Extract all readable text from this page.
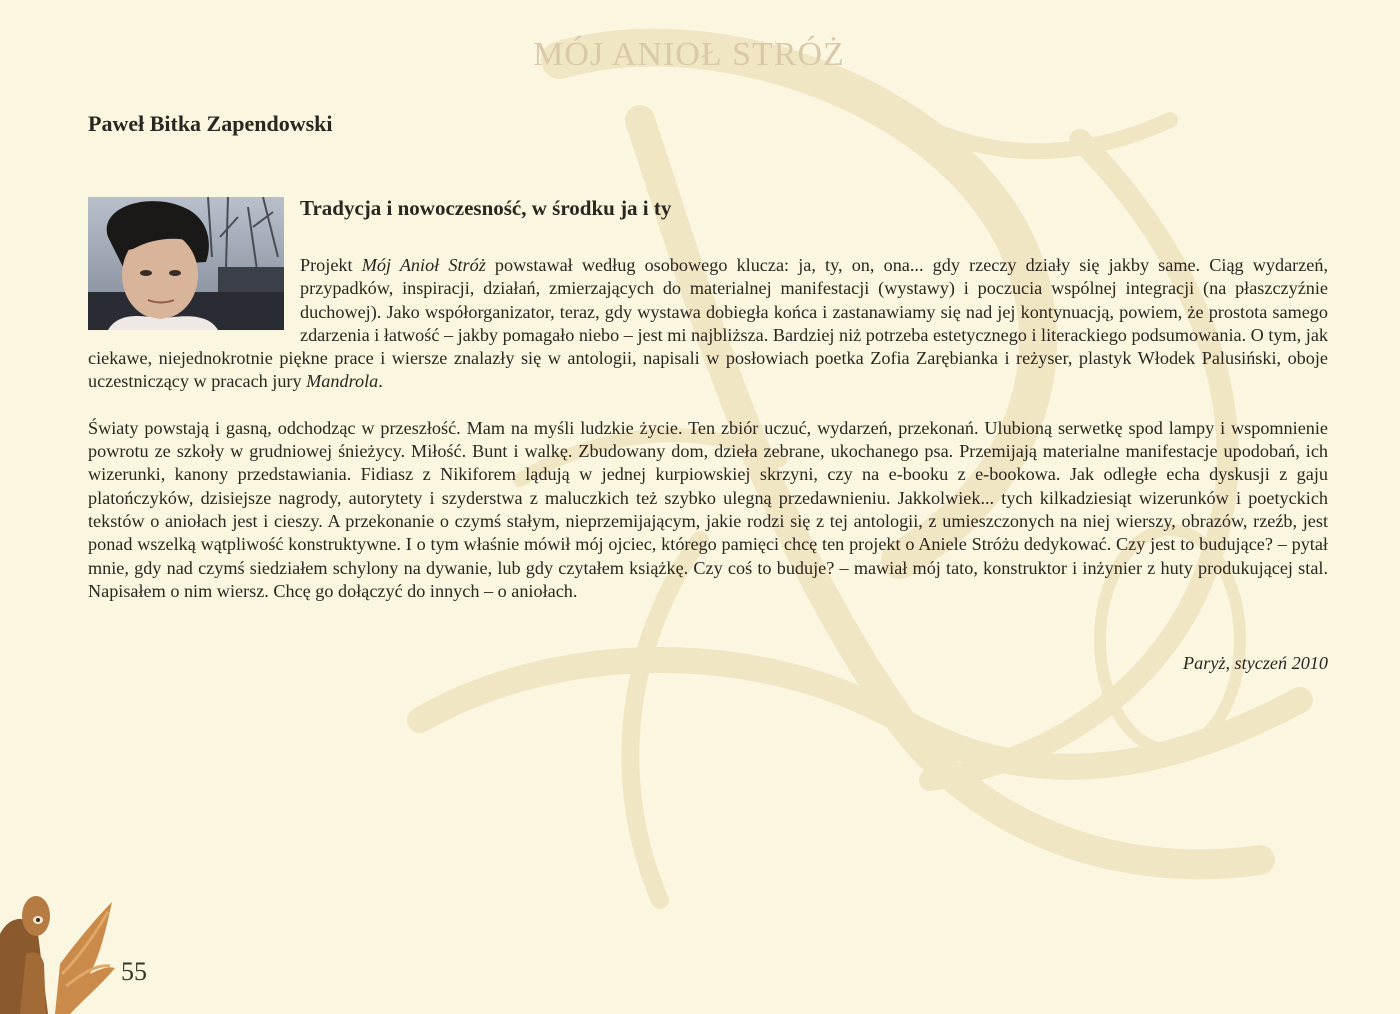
MÓJ ANIOŁ STRÓŻ
Paweł Bitka Zapendowski
Tradycja i nowoczesność, w środku ja i ty

Projekt Mój Anioł Stróż powstawał według osobowego klucza: ja, ty, on, ona... gdy rzeczy działy się jakby same. Ciąg wydarzeń, przypadków, inspiracji, działań, zmierzających do materialnej manifestacji (wystawy) i poczucia wspólnej integracji (na płaszczyźnie duchowej). Jako współorganizator, teraz, gdy wystawa dobiegła końca i zastanawiamy się nad jej kontynuacją, powiem, że prostota samego zdarzenia i łatwość – jakby pomagało niebo – jest mi najbliższa. Bardziej niż potrzeba estetycznego i literackiego podsumowania. O tym, jak ciekawe, niejednokrotnie piękne prace i wiersze znalazły się w antologii, napisali w posłowiach poetka Zofia Zarębianka i reżyser, plastyk Włodek Palusiński, oboje uczestniczący w pracach jury Mandrola.

Światy powstają i gasną, odchodząc w przeszłość. Mam na myśli ludzkie życie. Ten zbiór uczuć, wydarzeń, przekonań. Ulubioną serwetkę spod lampy i wspomnienie powrotu ze szkoły w grudniowej śnieżycy. Miłość. Bunt i walkę. Zbudowany dom, dzieła zebrane, ukochanego psa. Przemijają materialne manifestacje upodobań, ich wizerunki, kanony przedstawiania. Fidiasz z Nikiforem lądują w jednej kurpiowskiej skrzyni, czy na e-booku z e-bookowa. Jak odległe echa dyskusji z gaju platończyków, dzisiejsze nagrody, autorytety i szyderstwa z maluczkich też szybko ulegną przedawnieniu. Jakkolwiek... tych kilkadziesiąt wizerunków i poetyckich tekstów o aniołach jest i cieszy. A przekonanie o czymś stałym, nieprzemijającym, jakie rodzi się z tej antologii, z umieszczonych na niej wierszy, obrazów, rzeźb, jest ponad wszelką wątpliwość konstruktywne. I o tym właśnie mówił mój ojciec, którego pamięci chcę ten projekt o Aniele Stróżu dedykować. Czy jest to budujące? – pytał mnie, gdy nad czymś siedziałem schylony na dywanie, lub gdy czytałem książkę. Czy coś to buduje? – mawiał mój tato, konstruktor i inżynier z huty produkującej stal. Napisałem o nim wiersz. Chcę go dołączyć do innych – o aniołach.

Paryż, styczeń 2010
55
